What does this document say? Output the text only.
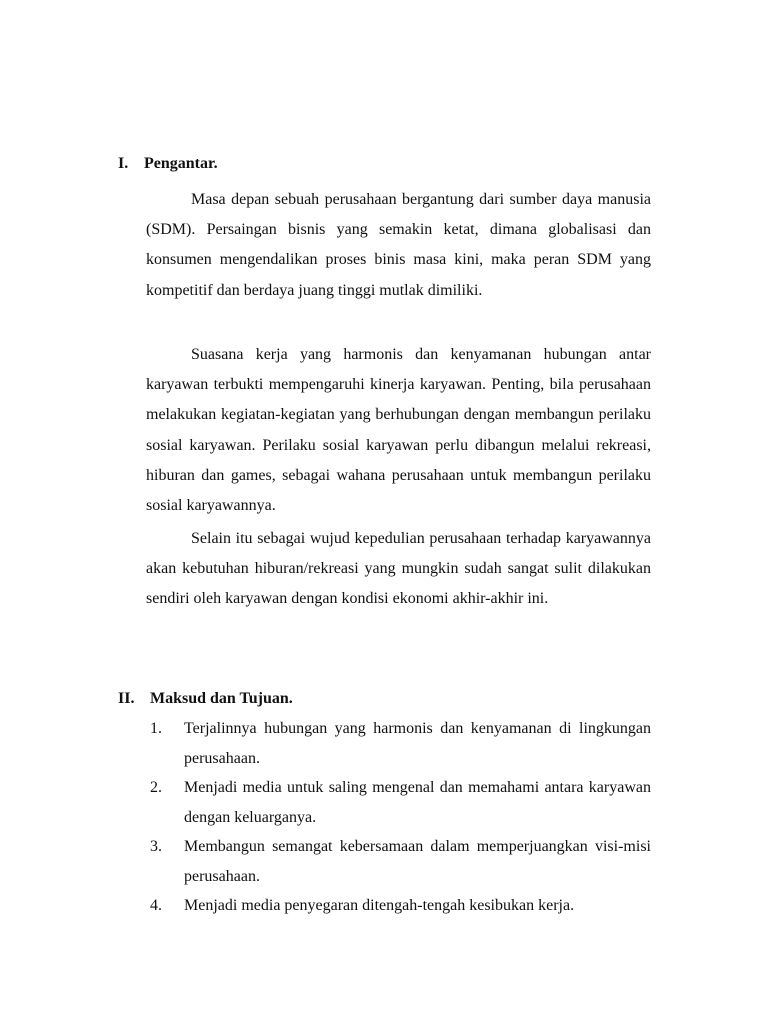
I. Pengantar.

Masa depan sebuah perusahaan bergantung dari sumber daya manusia (SDM). Persaingan bisnis yang semakin ketat, dimana globalisasi dan konsumen mengendalikan proses binis masa kini, maka peran SDM yang kompetitif dan berdaya juang tinggi mutlak dimiliki.

Suasana kerja yang harmonis dan kenyamanan hubungan antar karyawan terbukti mempengaruhi kinerja karyawan. Penting, bila perusahaan melakukan kegiatan-kegiatan yang berhubungan dengan membangun perilaku sosial karyawan. Perilaku sosial karyawan perlu dibangun melalui rekreasi, hiburan dan games, sebagai wahana perusahaan untuk membangun perilaku sosial karyawannya.

Selain itu sebagai wujud kepedulian perusahaan terhadap karyawannya akan kebutuhan hiburan/rekreasi yang mungkin sudah sangat sulit dilakukan sendiri oleh karyawan dengan kondisi ekonomi akhir-akhir ini.

II. Maksud dan Tujuan.
1. Terjalinnya hubungan yang harmonis dan kenyamanan di lingkungan perusahaan.
2. Menjadi media untuk saling mengenal dan memahami antara karyawan dengan keluarganya.
3. Membangun semangat kebersamaan dalam memperjuangkan visi-misi perusahaan.
4. Menjadi media penyegaran ditengah-tengah kesibukan kerja.
